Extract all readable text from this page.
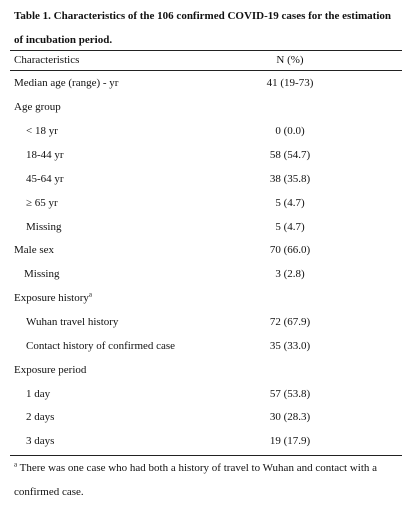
Table 1. Characteristics of the 106 confirmed COVID-19 cases for the estimation
of incubation period.
Characteristics	N (%)
Median age (range) - yr	41 (19-73)
Age group
< 18 yr	0 (0.0)
18-44 yr	58 (54.7)
45-64 yr	38 (35.8)
≥ 65 yr	5 (4.7)
Missing	5 (4.7)
Male sex	70 (66.0)
Missing	3 (2.8)
Exposure history$^a$
Wuhan travel history	72 (67.9)
Contact history of confirmed case	35 (33.0)
Exposure period
1 day	57 (53.8)
2 days	30 (28.3)
3 days	19 (17.9)
$^a$ There was one case who had both a history of travel to Wuhan and contact with a
confirmed case.
